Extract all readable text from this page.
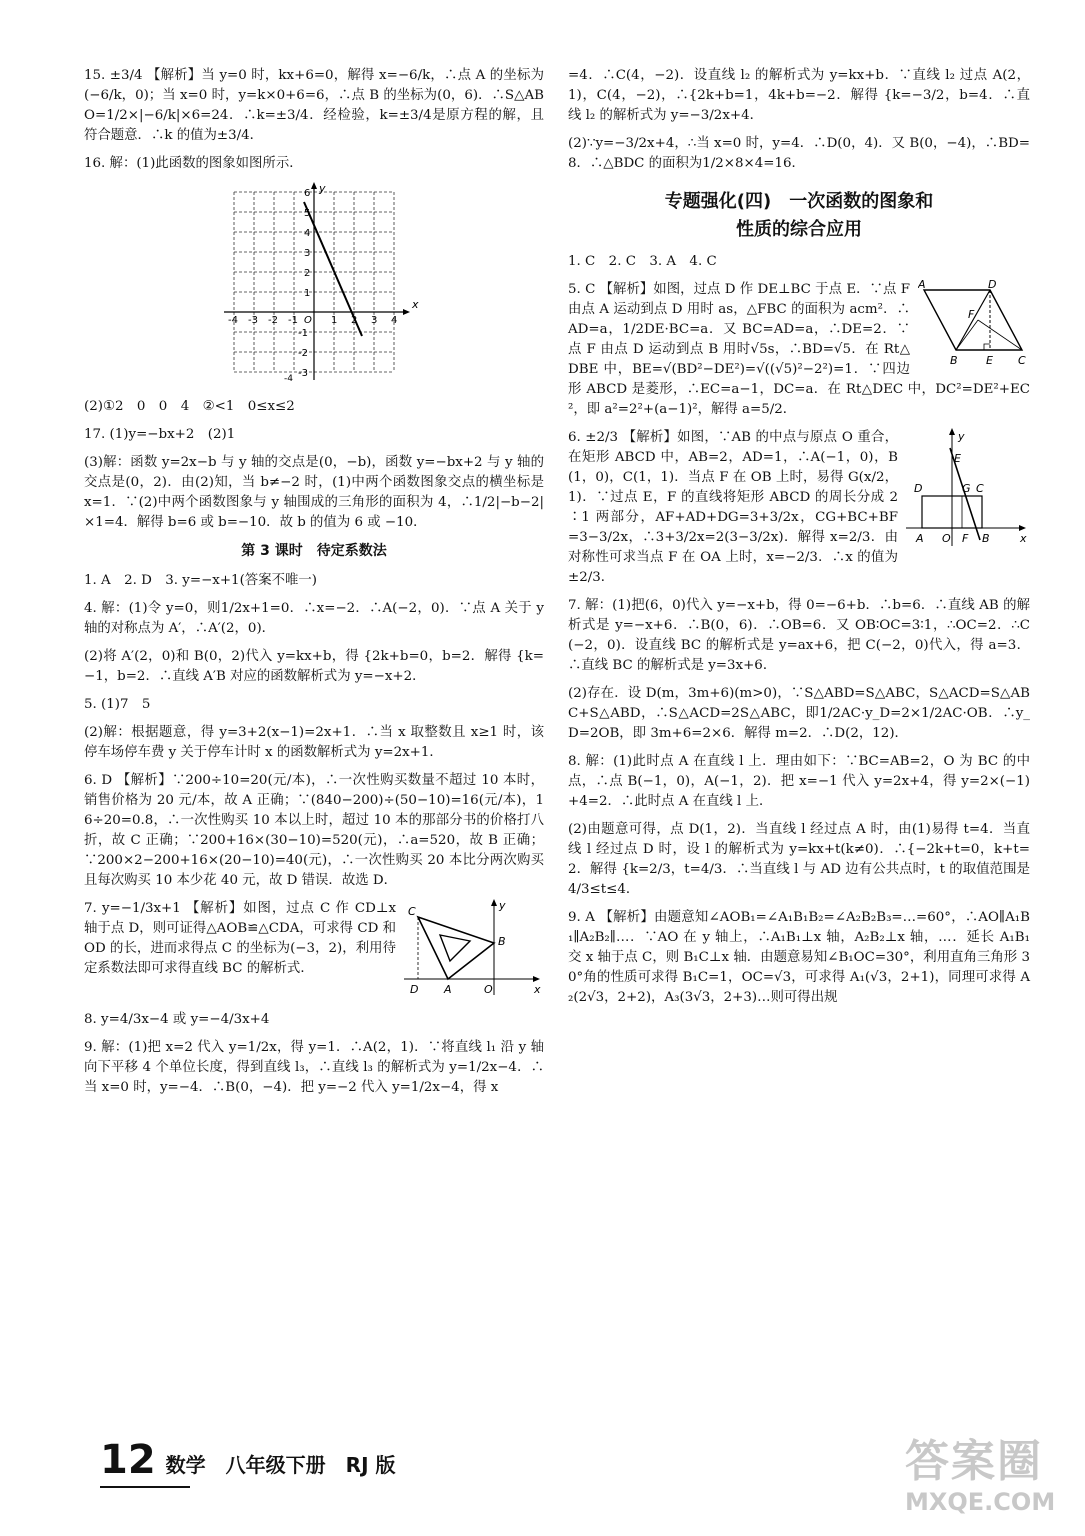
15. ±3/4 【解析】当 y=0 时，kx+6=0，解得 x=−6/k，∴点 A 的坐标为(−6/k，0)；当 x=0 时，y=k×0+6=6，∴点 B 的坐标为(0，6)．∴S△ABO=1/2×|−6/k|×6=24．∴k=±3/4．经检验，k=±3/4是原方程的解，且符合题意．∴k 的值为±3/4．

16. 解：(1)此函数的图象如图所示．

x
y
-4 -3 -2 -1 O 1 2 3 4
6
5
4
3
2
1
-1
-2
-3
-4

(2)①2　0　0　4　②<1　0≤x≤2

17. (1)y=−bx+2　(2)1

(3)解：函数 y=2x−b 与 y 轴的交点是(0，−b)，函数 y=−bx+2 与 y 轴的交点是(0，2)．由(2)知，当 b≠−2 时，(1)中两个函数图象交点的横坐标是 x=1．∵(2)中两个函数图象与 y 轴围成的三角形的面积为 4，∴1/2|−b−2|×1=4．解得 b=6 或 b=−10．故 b 的值为 6 或 −10．

第 3 课时　待定系数法

1. A　2. D　3. y=−x+1(答案不唯一)

4. 解：(1)令 y=0，则1/2x+1=0．∴x=−2．∴A(−2，0)．∵点 A 关于 y 轴的对称点为 A′，∴A′(2，0)．

(2)将 A′(2，0)和 B(0，2)代入 y=kx+b，得 {2k+b=0，b=2．解得 {k=−1，b=2．∴直线 A′B 对应的函数解析式为 y=−x+2．

5. (1)7　5

(2)解：根据题意，得 y=3+2(x−1)=2x+1．∴当 x 取整数且 x≥1 时，该停车场停车费 y 关于停车计时 x 的函数解析式为 y=2x+1．

6. D 【解析】∵200÷10=20(元/本)，∴一次性购买数量不超过 10 本时，销售价格为 20 元/本，故 A 正确；∵(840−200)÷(50−10)=16(元/本)，16÷20=0.8，∴一次性购买 10 本以上时，超过 10 本的那部分书的价格打八折，故 C 正确；∵200+16×(30−10)=520(元)，∴a=520，故 B 正确；∵200×2−200+16×(20−10)=40(元)，∴一次性购买 20 本比分两次购买且每次购买 10 本少花 40 元，故 D 错误．故选 D．

C
B
D A	O	x
y

7. y=−1/3x+1 【解析】如图，过点 C 作 CD⊥x 轴于点 D，则可证得△AOB≌△CDA，可求得 CD 和 OD 的长，进而求得点 C 的坐标为(−3，2)，利用待定系数法即可求得直线 BC 的解析式．

8. y=4/3x−4 或 y=−4/3x+4

9. 解：(1)把 x=2 代入 y=1/2x，得 y=1．∴A(2，1)．∵将直线 l₁ 沿 y 轴向下平移 4 个单位长度，得到直线 l₃，∴直线 l₃ 的解析式为 y=1/2x−4．∴当 x=0 时，y=−4．∴B(0，−4)．把 y=−2 代入 y=1/2x−4，得 x

=4．∴C(4，−2)．设直线 l₂ 的解析式为 y=kx+b．∵直线 l₂ 过点 A(2，1)，C(4，−2)，∴{2k+b=1，4k+b=−2．解得 {k=−3/2，b=4．∴直线 l₂ 的解析式为 y=−3/2x+4．

(2)∵y=−3/2x+4，∴当 x=0 时，y=4．∴D(0，4)．又 B(0，−4)，∴BD=8．∴△BDC 的面积为1/2×8×4=16．

专题强化(四)　一次函数的图象和
性质的综合应用

1. C　2. C　3. A　4. C

A	D
F
B	E C

5. C 【解析】如图，过点 D 作 DE⊥BC 于点 E．∵点 F 由点 A 运动到点 D 用时 as，△FBC 的面积为 acm²．∴AD=a，1/2DE·BC=a．又 BC=AD=a，∴DE=2．∵点 F 由点 D 运动到点 B 用时√5s，∴BD=√5．在 Rt△DBE 中，BE=√(BD²−DE²)=√((√5)²−2²)=1．∵四边形 ABCD 是菱形，∴EC=a−1，DC=a．在 Rt△DEC 中，DC²=DE²+EC²，即 a²=2²+(a−1)²，解得 a=5/2．

y
E
D	G C
A O F B	x

6. ±2/3 【解析】如图，∵AB 的中点与原点 O 重合，在矩形 ABCD 中，AB=2，AD=1，∴A(−1，0)，B(1，0)，C(1，1)．当点 F 在 OB 上时，易得 G(x/2，1)．∵过点 E，F 的直线将矩形 ABCD 的周长分成 2∶1 两部分，AF+AD+DG=3+3/2x，CG+BC+BF=3−3/2x，∴3+3/2x=2(3−3/2x)．解得 x=2/3．由对称性可求当点 F 在 OA 上时，x=−2/3．∴x 的值为±2/3．

7. 解：(1)把(6，0)代入 y=−x+b，得 0=−6+b．∴b=6．∴直线 AB 的解析式是 y=−x+6．∴B(0，6)．∴OB=6．又 OB∶OC=3∶1，∴OC=2．∴C(−2，0)．设直线 BC 的解析式是 y=ax+6，把 C(−2，0)代入，得 a=3．∴直线 BC 的解析式是 y=3x+6．

(2)存在．设 D(m，3m+6)(m>0)，∵S△ABD=S△ABC，S△ACD=S△ABC+S△ABD，∴S△ACD=2S△ABC，即1/2AC·y_D=2×1/2AC·OB．∴y_D=2OB，即 3m+6=2×6．解得 m=2．∴D(2，12)．

8. 解：(1)此时点 A 在直线 l 上．理由如下：∵BC=AB=2，O 为 BC 的中点，∴点 B(−1，0)，A(−1，2)．把 x=−1 代入 y=2x+4，得 y=2×(−1)+4=2．∴此时点 A 在直线 l 上．

(2)由题意可得，点 D(1，2)．当直线 l 经过点 A 时，由(1)易得 t=4．当直线 l 经过点 D 时，设 l 的解析式为 y=kx+t(k≠0)．∴{−2k+t=0，k+t=2．解得 {k=2/3，t=4/3．∴当直线 l 与 AD 边有公共点时，t 的取值范围是4/3≤t≤4．

9. A 【解析】由题意知∠AOB₁=∠A₁B₁B₂=∠A₂B₂B₃=…=60°，∴AO∥A₁B₁∥A₂B₂∥…．∵AO 在 y 轴上，∴A₁B₁⊥x 轴，A₂B₂⊥x 轴，…．延长 A₁B₁ 交 x 轴于点 C，则 B₁C⊥x 轴．由题意易知∠B₁OC=30°，利用直角三角形 30°角的性质可求得 B₁C=1，OC=√3，可求得 A₁(√3，2+1)，同理可求得 A₂(2√3，2+2)，A₃(3√3，2+3)…则可得出规

12 数学　八年级下册　RJ 版	答案圈
MXQE.COM
